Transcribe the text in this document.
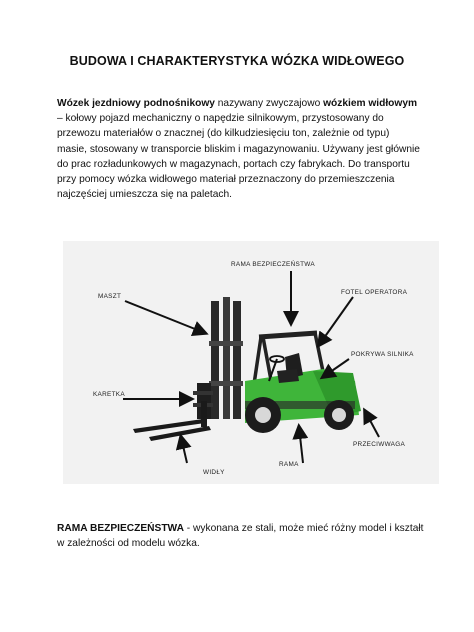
BUDOWA I CHARAKTERYSTYKA WÓZKA WIDŁOWEGO
Wózek jezdniowy podnośnikowy nazywany zwyczajowo wózkiem widłowym – kołowy pojazd mechaniczny o napędzie silnikowym, przystosowany do przewozu materiałów o znacznej (do kilkudziesięciu ton, zależnie od typu) masie, stosowany w transporcie bliskim i magazynowaniu. Używany jest głównie do prac rozładunkowych w magazynach, portach czy fabrykach. Do transportu przy pomocy wózka widłowego materiał przeznaczony do przemieszczenia najczęściej umieszcza się na paletach.
RAMA BEZPIECZEŃSTWA
MASZT
FOTEL OPERATORA
POKRYWA SILNIKA
KARETKA
PRZECIWWAGA
RAMA
WIDŁY
RAMA BEZPIECZEŃSTWA - wykonana ze stali, może mieć różny model i kształt w zależności od modelu wózka.
